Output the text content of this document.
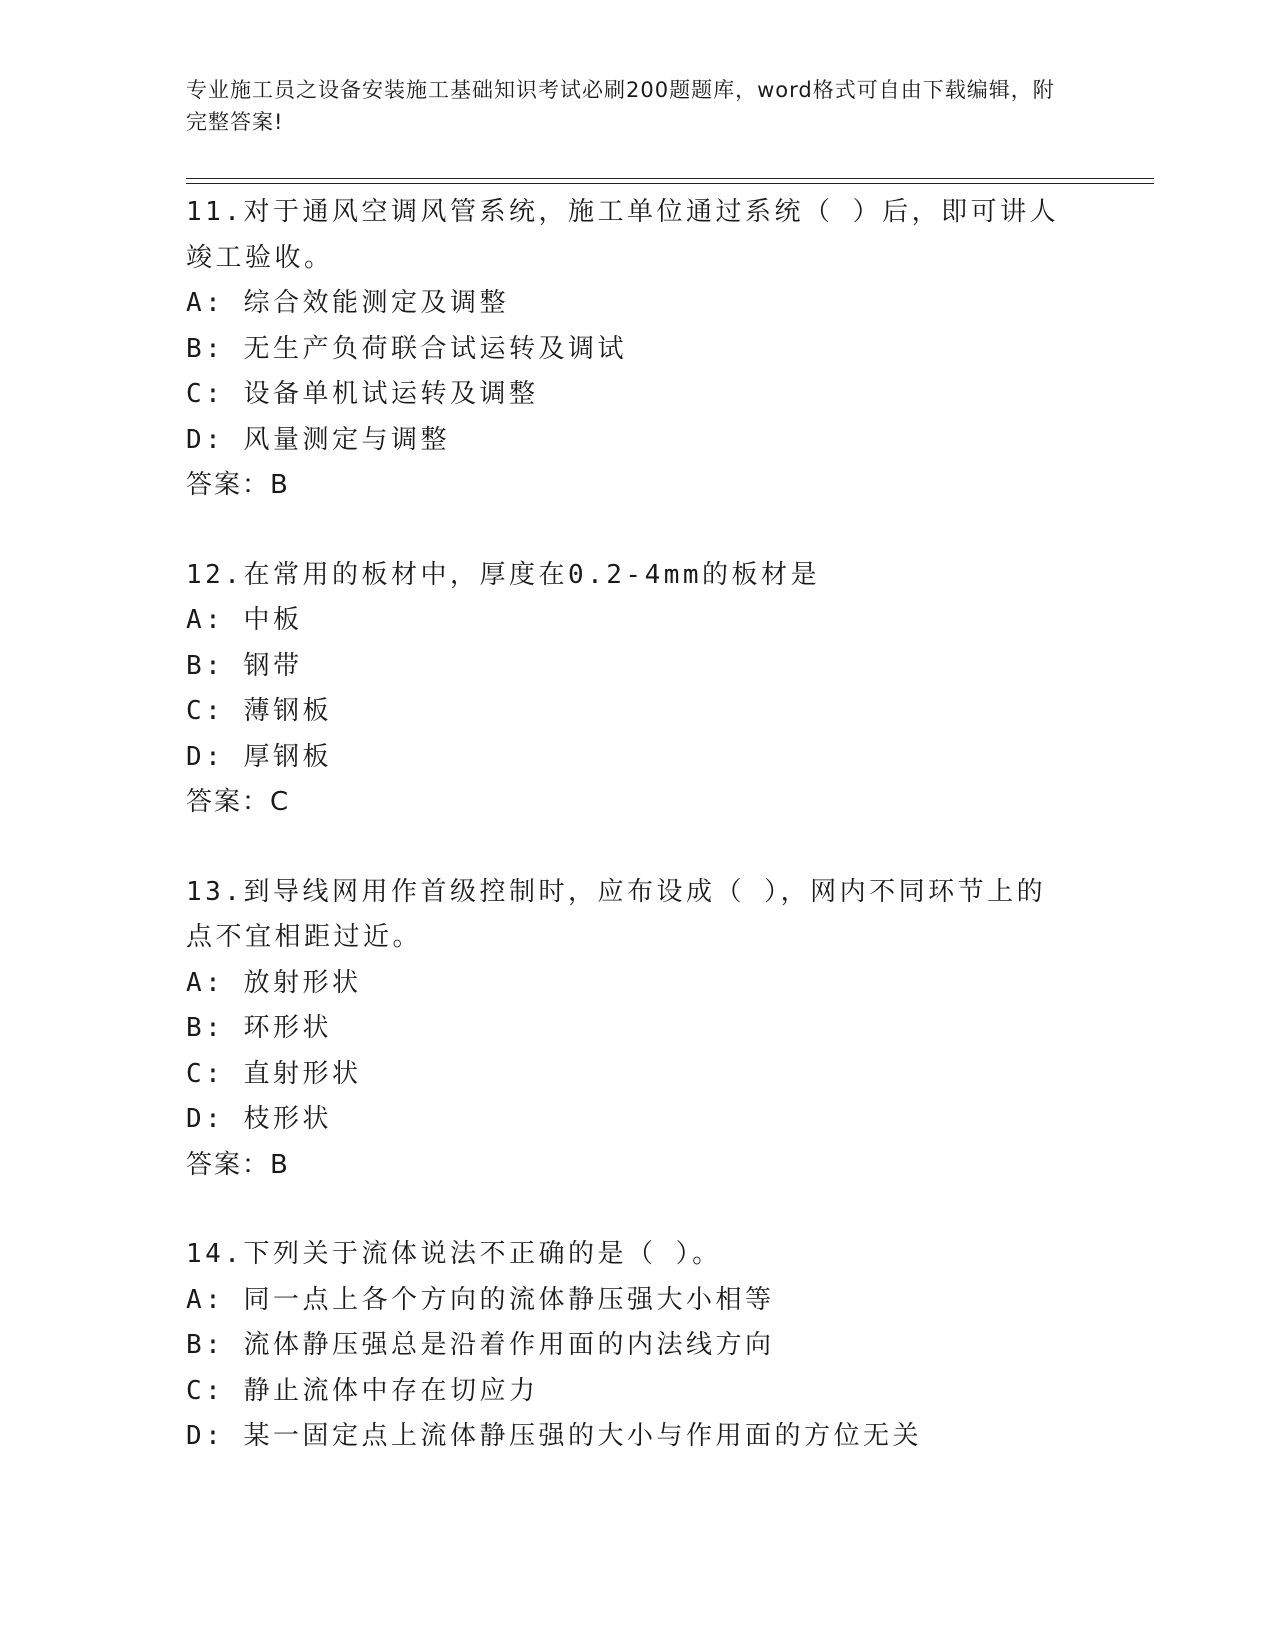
专业施工员之设备安装施工基础知识考试必刷200题题库，word格式可自由下载编辑，附完整答案!
11.对于通风空调风管系统，施工单位通过系统（ ）后，即可讲人竣工验收。
A: 综合效能测定及调整
B: 无生产负荷联合试运转及调试
C: 设备单机试运转及调整
D: 风量测定与调整
答案：B
12.在常用的板材中，厚度在0.2-4mm的板材是
A: 中板
B: 钢带
C: 薄钢板
D: 厚钢板
答案：C
13.到导线网用作首级控制时，应布设成（ ），网内不同环节上的点不宜相距过近。
A: 放射形状
B: 环形状
C: 直射形状
D: 枝形状
答案：B
14.下列关于流体说法不正确的是（ ）。
A: 同一点上各个方向的流体静压强大小相等
B: 流体静压强总是沿着作用面的内法线方向
C: 静止流体中存在切应力
D: 某一固定点上流体静压强的大小与作用面的方位无关
